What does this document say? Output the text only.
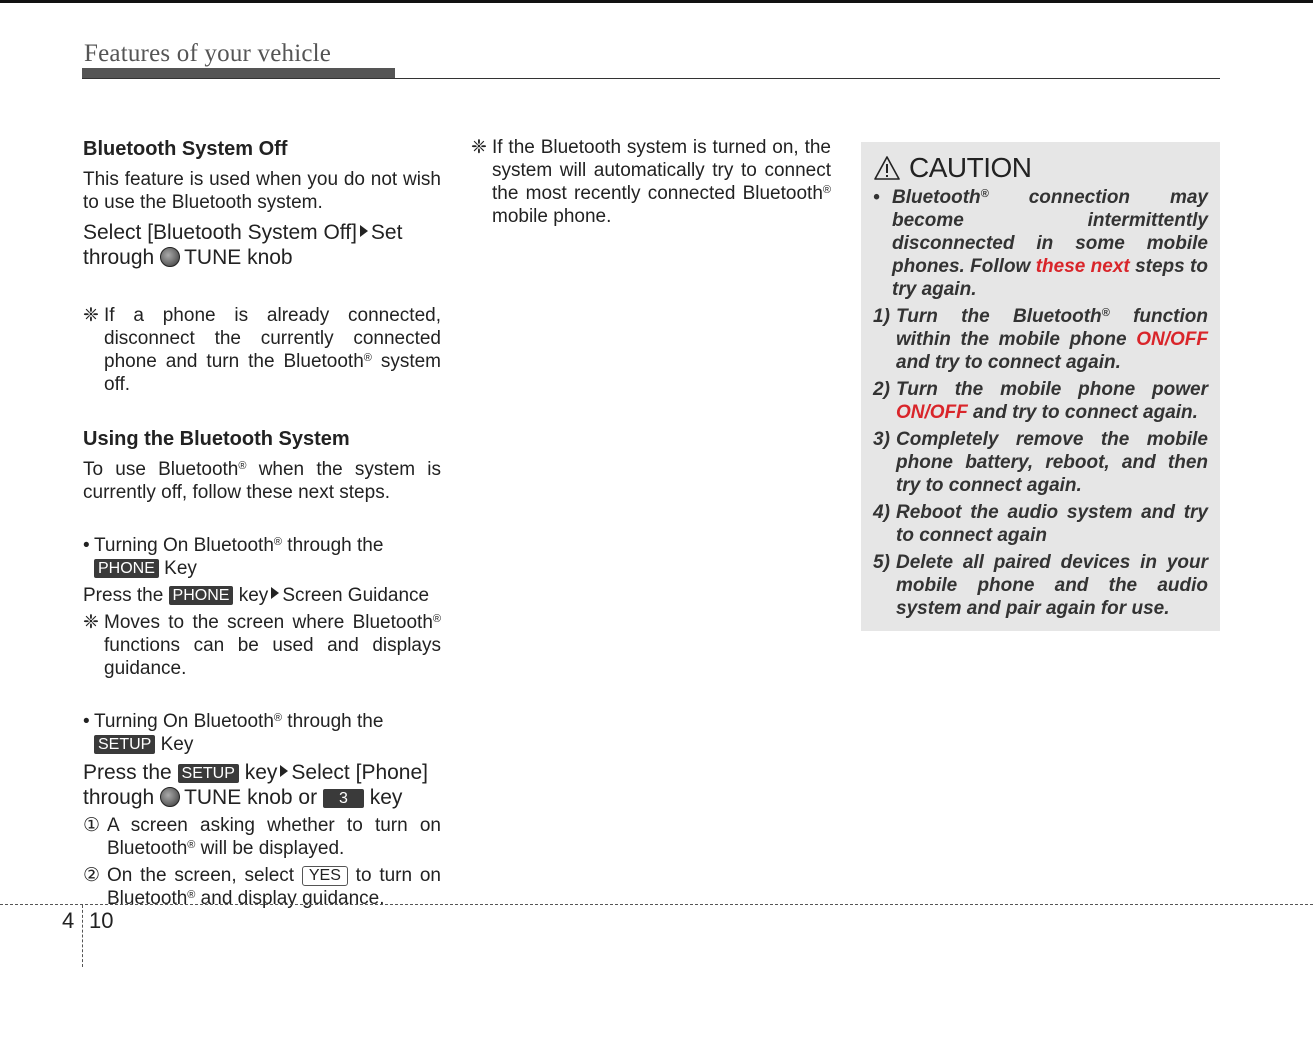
Features of your vehicle
Bluetooth System Off

This feature is used when you do not wish to use the Bluetooth system.

Select [Bluetooth System Off] Set
through TUNE knob

❈ If a phone is already connected, disconnect the currently connected phone and turn the Bluetooth® system off.
Using the Bluetooth System

To use Bluetooth® when the system is currently off, follow these next steps.

• Turning On Bluetooth® through the
PHONE Key

Press the PHONE key Screen Guidance

❈ Moves to the screen where Bluetooth® functions can be used and displays guidance.
• Turning On Bluetooth® through the
SETUP Key

Press the SETUP key Select [Phone]
through TUNE knob or 3 key

① A screen asking whether to turn on Bluetooth® will be displayed.
② On the screen, select YES to turn on Bluetooth® and display guidance.
❈ If the Bluetooth system is turned on, the system will automatically try to connect the most recently connected Bluetooth® mobile phone.
CAUTION
• Bluetooth® connection may become intermittently disconnected in some mobile phones. Follow these next steps to try again.
1) Turn the Bluetooth® function within the mobile phone ON/OFF and try to connect again.
2) Turn the mobile phone power ON/OFF and try to connect again.
3) Completely remove the mobile phone battery, reboot, and then try to connect again.
4) Reboot the audio system and try to connect again
5) Delete all paired devices in your mobile phone and the audio system and pair again for use.
4 10
